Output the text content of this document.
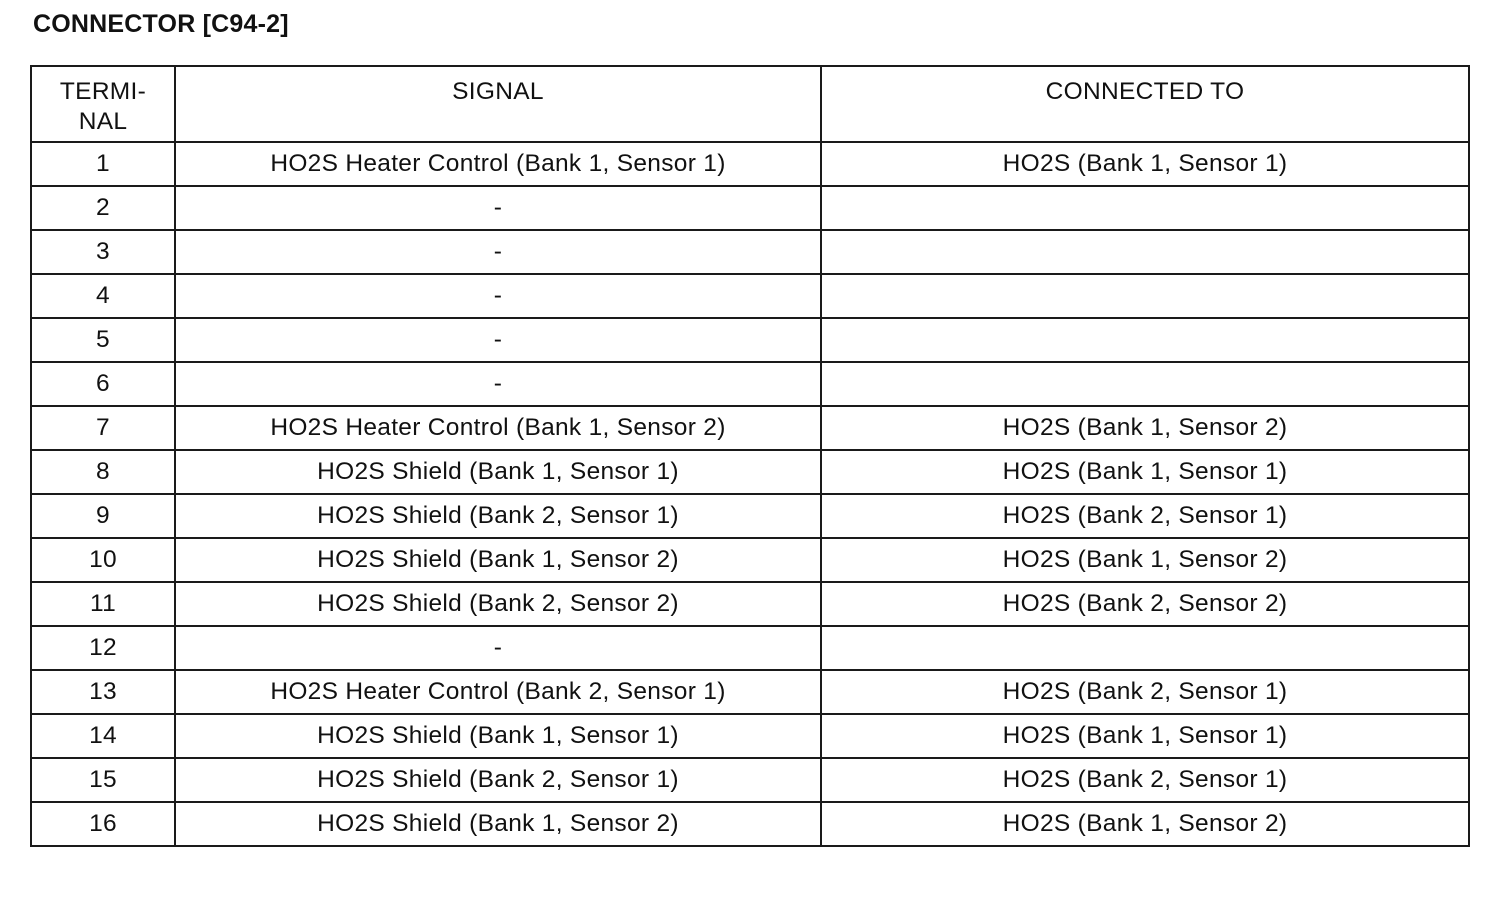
CONNECTOR [C94-2]
TERMI-
NAL	SIGNAL	CONNECTED TO
1	HO2S Heater Control (Bank 1, Sensor 1)	HO2S (Bank 1, Sensor 1)
2	-	
3	-	
4	-	
5	-	
6	-	
7	HO2S Heater Control (Bank 1, Sensor 2)	HO2S (Bank 1, Sensor 2)
8	HO2S Shield (Bank 1, Sensor 1)	HO2S (Bank 1, Sensor 1)
9	HO2S Shield (Bank 2, Sensor 1)	HO2S (Bank 2, Sensor 1)
10	HO2S Shield (Bank 1, Sensor 2)	HO2S (Bank 1, Sensor 2)
11	HO2S Shield (Bank 2, Sensor 2)	HO2S (Bank 2, Sensor 2)
12	-	
13	HO2S Heater Control (Bank 2, Sensor 1)	HO2S (Bank 2, Sensor 1)
14	HO2S Shield (Bank 1, Sensor 1)	HO2S (Bank 1, Sensor 1)
15	HO2S Shield (Bank 2, Sensor 1)	HO2S (Bank 2, Sensor 1)
16	HO2S Shield (Bank 1, Sensor 2)	HO2S (Bank 1, Sensor 2)
